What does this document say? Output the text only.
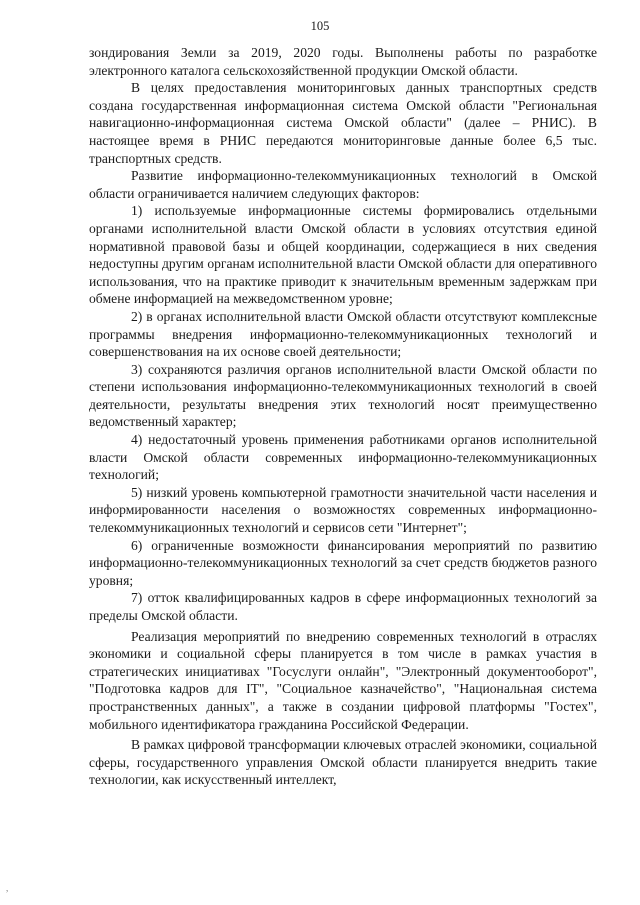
105

зондирования Земли за 2019, 2020 годы. Выполнены работы по разработке электронного каталога сельскохозяйственной продукции Омской области.

В целях предоставления мониторинговых данных транспортных средств создана государственная информационная система Омской области "Региональная навигационно-информационная система Омской области" (далее – РНИС). В настоящее время в РНИС передаются мониторинговые данные более 6,5 тыс. транспортных средств.

Развитие информационно-телекоммуникационных технологий в Омской области ограничивается наличием следующих факторов:

1) используемые информационные системы формировались отдельными органами исполнительной власти Омской области в условиях отсутствия единой нормативной правовой базы и общей координации, содержащиеся в них сведения недоступны другим органам исполнительной власти Омской области для оперативного использования, что на практике приводит к значительным временным задержкам при обмене информацией на межведомственном уровне;

2) в органах исполнительной власти Омской области отсутствуют комплексные программы внедрения информационно-телекоммуникационных технологий и совершенствования на их основе своей деятельности;

3) сохраняются различия органов исполнительной власти Омской области по степени использования информационно-телекоммуникационных технологий в своей деятельности, результаты внедрения этих технологий носят преимущественно ведомственный характер;

4) недостаточный уровень применения работниками органов исполнительной власти Омской области современных информационно-телекоммуникационных технологий;

5) низкий уровень компьютерной грамотности значительной части населения и информированности населения о возможностях современных информационно-телекоммуникационных технологий и сервисов сети "Интернет";

6) ограниченные возможности финансирования мероприятий по развитию информационно-телекоммуникационных технологий за счет средств бюджетов разного уровня;

7) отток квалифицированных кадров в сфере информационных технологий за пределы Омской области.

Реализация мероприятий по внедрению современных технологий в отраслях экономики и социальной сферы планируется в том числе в рамках участия в стратегических инициативах "Госуслуги онлайн", "Электронный документооборот", "Подготовка кадров для IT", "Социальное казначейство", "Национальная система пространственных данных", а также в создании цифровой платформы "Гостех", мобильного идентификатора гражданина Российской Федерации.

В рамках цифровой трансформации ключевых отраслей экономики, социальной сферы, государственного управления Омской области планируется внедрить такие технологии, как искусственный интеллект,

,
